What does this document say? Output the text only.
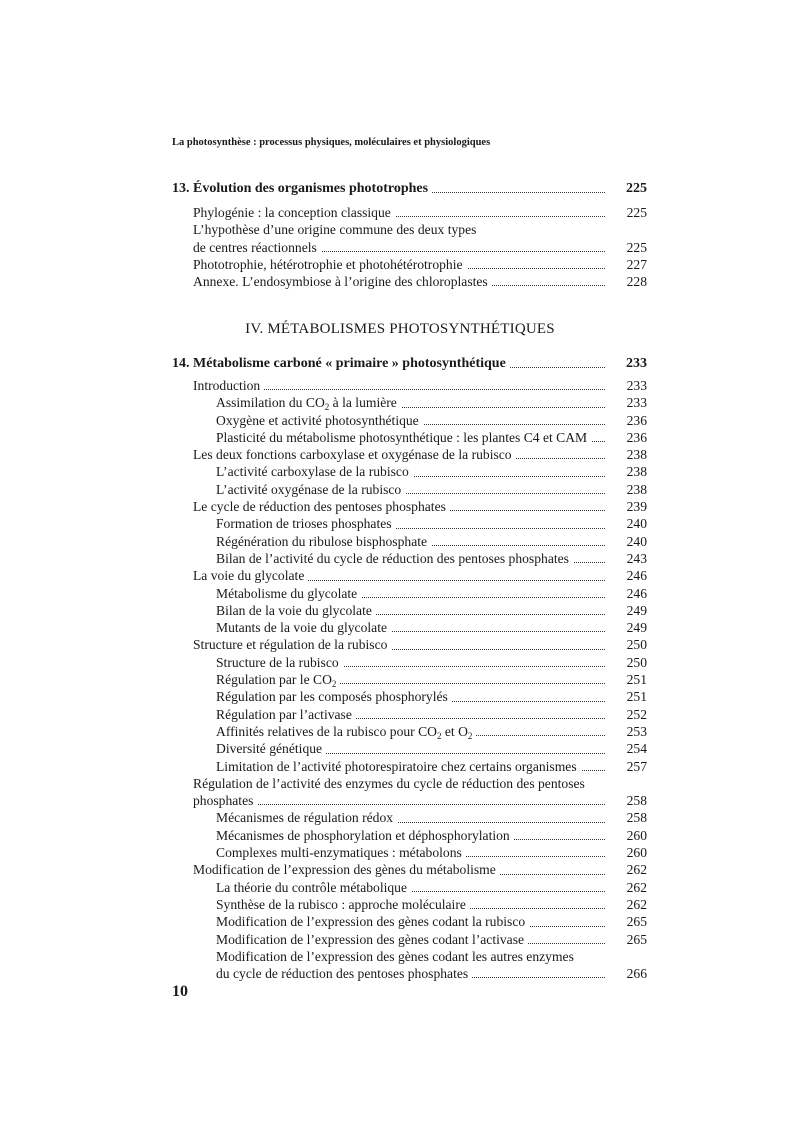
La photosynthèse : processus physiques, moléculaires et physiologiques
13. Évolution des organismes phototrophes	225
Phylogénie : la conception classique	225
L’hypothèse d’une origine commune des deux types
de centres réactionnels	225
Phototrophie, hétérotrophie et photohétérotrophie	227
Annexe. L’endosymbiose à l’origine des chloroplastes	228
IV. MÉTABOLISMES PHOTOSYNTHÉTIQUES
14. Métabolisme carboné « primaire » photosynthétique	233
Introduction	233
Assimilation du $CO_2$ à la lumière	233
Oxygène et activité photosynthétique	236
Plasticité du métabolisme photosynthétique : les plantes C4 et CAM	236
Les deux fonctions carboxylase et oxygénase de la rubisco	238
L’activité carboxylase de la rubisco	238
L’activité oxygénase de la rubisco	238
Le cycle de réduction des pentoses phosphates	239
Formation de trioses phosphates	240
Régénération du ribulose bisphosphate	240
Bilan de l’activité du cycle de réduction des pentoses phosphates	243
La voie du glycolate	246
Métabolisme du glycolate	246
Bilan de la voie du glycolate	249
Mutants de la voie du glycolate	249
Structure et régulation de la rubisco	250
Structure de la rubisco	250
Régulation par le $CO_2$	251
Régulation par les composés phosphorylés	251
Régulation par l’activase	252
Affinités relatives de la rubisco pour $CO_2$ et $O_2$	253
Diversité génétique	254
Limitation de l’activité photorespiratoire chez certains organismes	257
Régulation de l’activité des enzymes du cycle de réduction des pentoses
phosphates	258
Mécanismes de régulation rédox	258
Mécanismes de phosphorylation et déphosphorylation	260
Complexes multi-enzymatiques : métabolons	260
Modification de l’expression des gènes du métabolisme	262
La théorie du contrôle métabolique	262
Synthèse de la rubisco : approche moléculaire	262
Modification de l’expression des gènes codant la rubisco	265
Modification de l’expression des gènes codant l’activase	265
Modification de l’expression des gènes codant les autres enzymes
du cycle de réduction des pentoses phosphates	266
10
